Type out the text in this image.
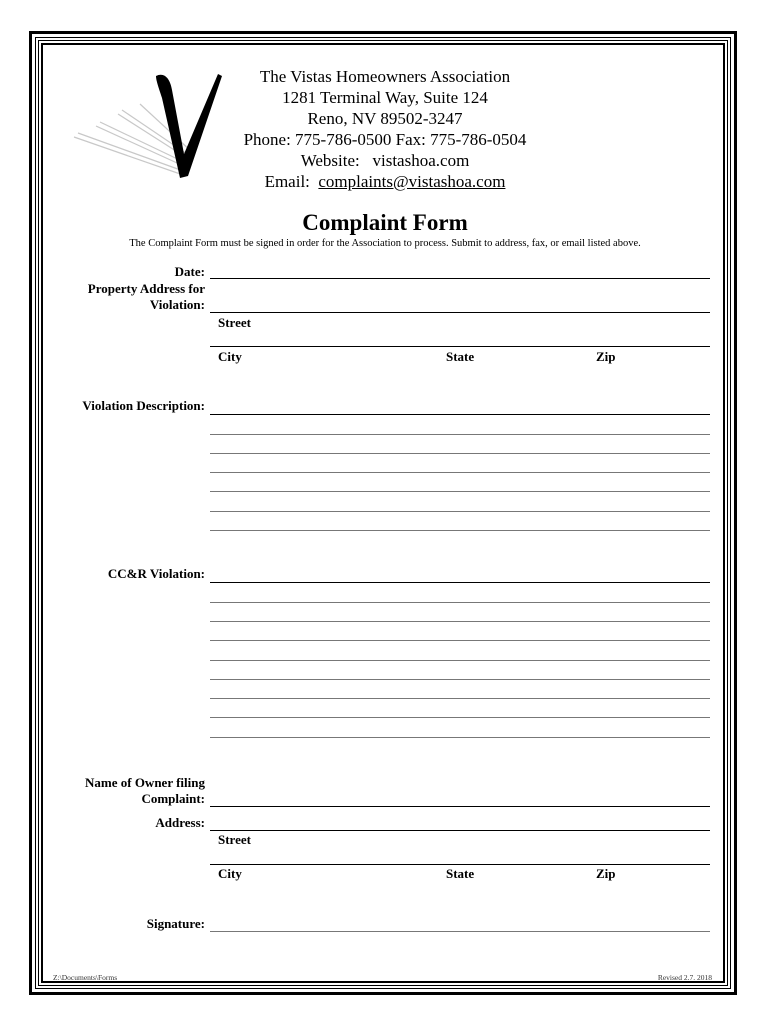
The Vistas Homeowners Association
1281 Terminal Way, Suite 124
Reno, NV 89502-3247
Phone: 775-786-0500 Fax: 775-786-0504
Website: vistashoa.com
Email: complaints@vistashoa.com
Complaint Form
The Complaint Form must be signed in order for the Association to process. Submit to address, fax, or email listed above.
Date:
Property Address for
Violation:
Street
City	State	Zip
Violation Description:
CC&R Violation:
Name of Owner filing
Complaint:
Address:
Street
City	State	Zip
Signature:
Z:\Documents\Forms	Revised 2.7. 2018
